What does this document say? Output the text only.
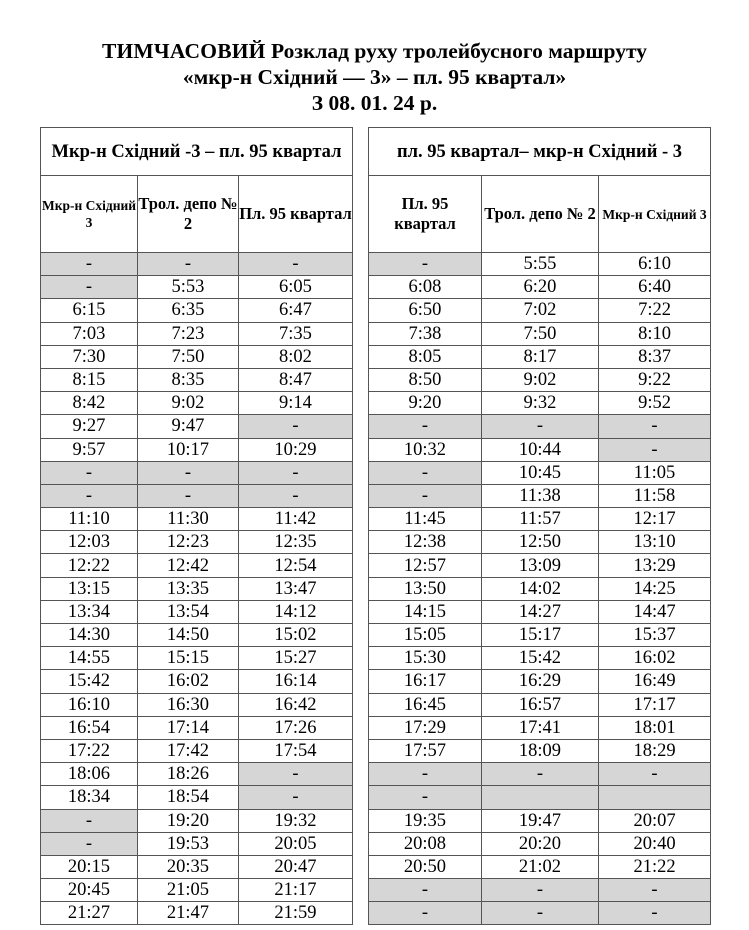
ТИМЧАСОВИЙ Розклад руху тролейбусного маршруту
«мкр-н Східний — 3» – пл. 95 квартал»
З 08. 01. 24 р.
Мкр-н Східний -3 – пл. 95 квартал		
Мкр-н Східний 3	Трол. депо № 2	Пл. 95 квартал
-	-	-
-	5:53	6:05
6:15	6:35	6:47
7:03	7:23	7:35
7:30	7:50	8:02
8:15	8:35	8:47
8:42	9:02	9:14
9:27	9:47	-
9:57	10:17	10:29
-	-	-
-	-	-
11:10	11:30	11:42
12:03	12:23	12:35
12:22	12:42	12:54
13:15	13:35	13:47
13:34	13:54	14:12
14:30	14:50	15:02
14:55	15:15	15:27
15:42	16:02	16:14
16:10	16:30	16:42
16:54	17:14	17:26
17:22	17:42	17:54
18:06	18:26	-
18:34	18:54	-
-	19:20	19:32
-	19:53	20:05
20:15	20:35	20:47
20:45	21:05	21:17
21:27	21:47	21:59
пл. 95 квартал– мкр-н Східний - 3		
Пл. 95 квартал	Трол. депо № 2	Мкр-н Східний 3
-	5:55	6:10
6:08	6:20	6:40
6:50	7:02	7:22
7:38	7:50	8:10
8:05	8:17	8:37
8:50	9:02	9:22
9:20	9:32	9:52
-	-	-
10:32	10:44	-
-	10:45	11:05
-	11:38	11:58
11:45	11:57	12:17
12:38	12:50	13:10
12:57	13:09	13:29
13:50	14:02	14:25
14:15	14:27	14:47
15:05	15:17	15:37
15:30	15:42	16:02
16:17	16:29	16:49
16:45	16:57	17:17
17:29	17:41	18:01
17:57	18:09	18:29
-	-	-
-		
19:35	19:47	20:07
20:08	20:20	20:40
20:50	21:02	21:22
-	-	-
-	-	-
